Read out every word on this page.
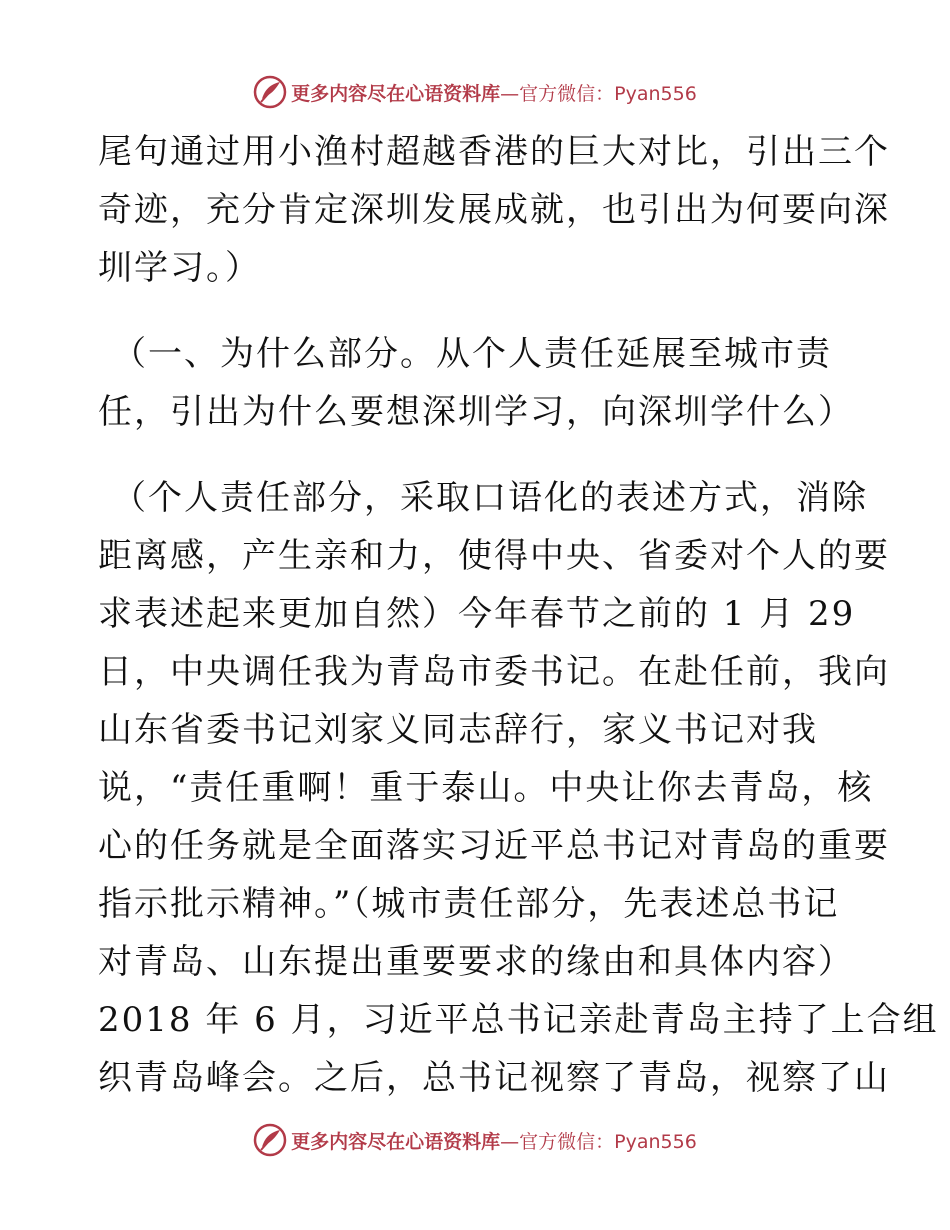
更多内容尽在心语资料库—官方微信：Pyan556
尾句通过用小渔村超越香港的巨大对比，引出三个
奇迹，充分肯定深圳发展成就，也引出为何要向深
圳学习。）
（一、为什么部分。从个人责任延展至城市责
任，引出为什么要想深圳学习，向深圳学什么）
（个人责任部分，采取口语化的表述方式，消除
距离感，产生亲和力，使得中央、省委对个人的要
求表述起来更加自然）今年春节之前的 1 月 29
日，中央调任我为青岛市委书记。在赴任前，我向
山东省委书记刘家义同志辞行，家义书记对我
说，“责任重啊！重于泰山。中央让你去青岛，核
心的任务就是全面落实习近平总书记对青岛的重要
指示批示精神。”（城市责任部分，先表述总书记
对青岛、山东提出重要要求的缘由和具体内容）
2018 年 6 月，习近平总书记亲赴青岛主持了上合组
织青岛峰会。之后，总书记视察了青岛，视察了山
更多内容尽在心语资料库—官方微信：Pyan556
